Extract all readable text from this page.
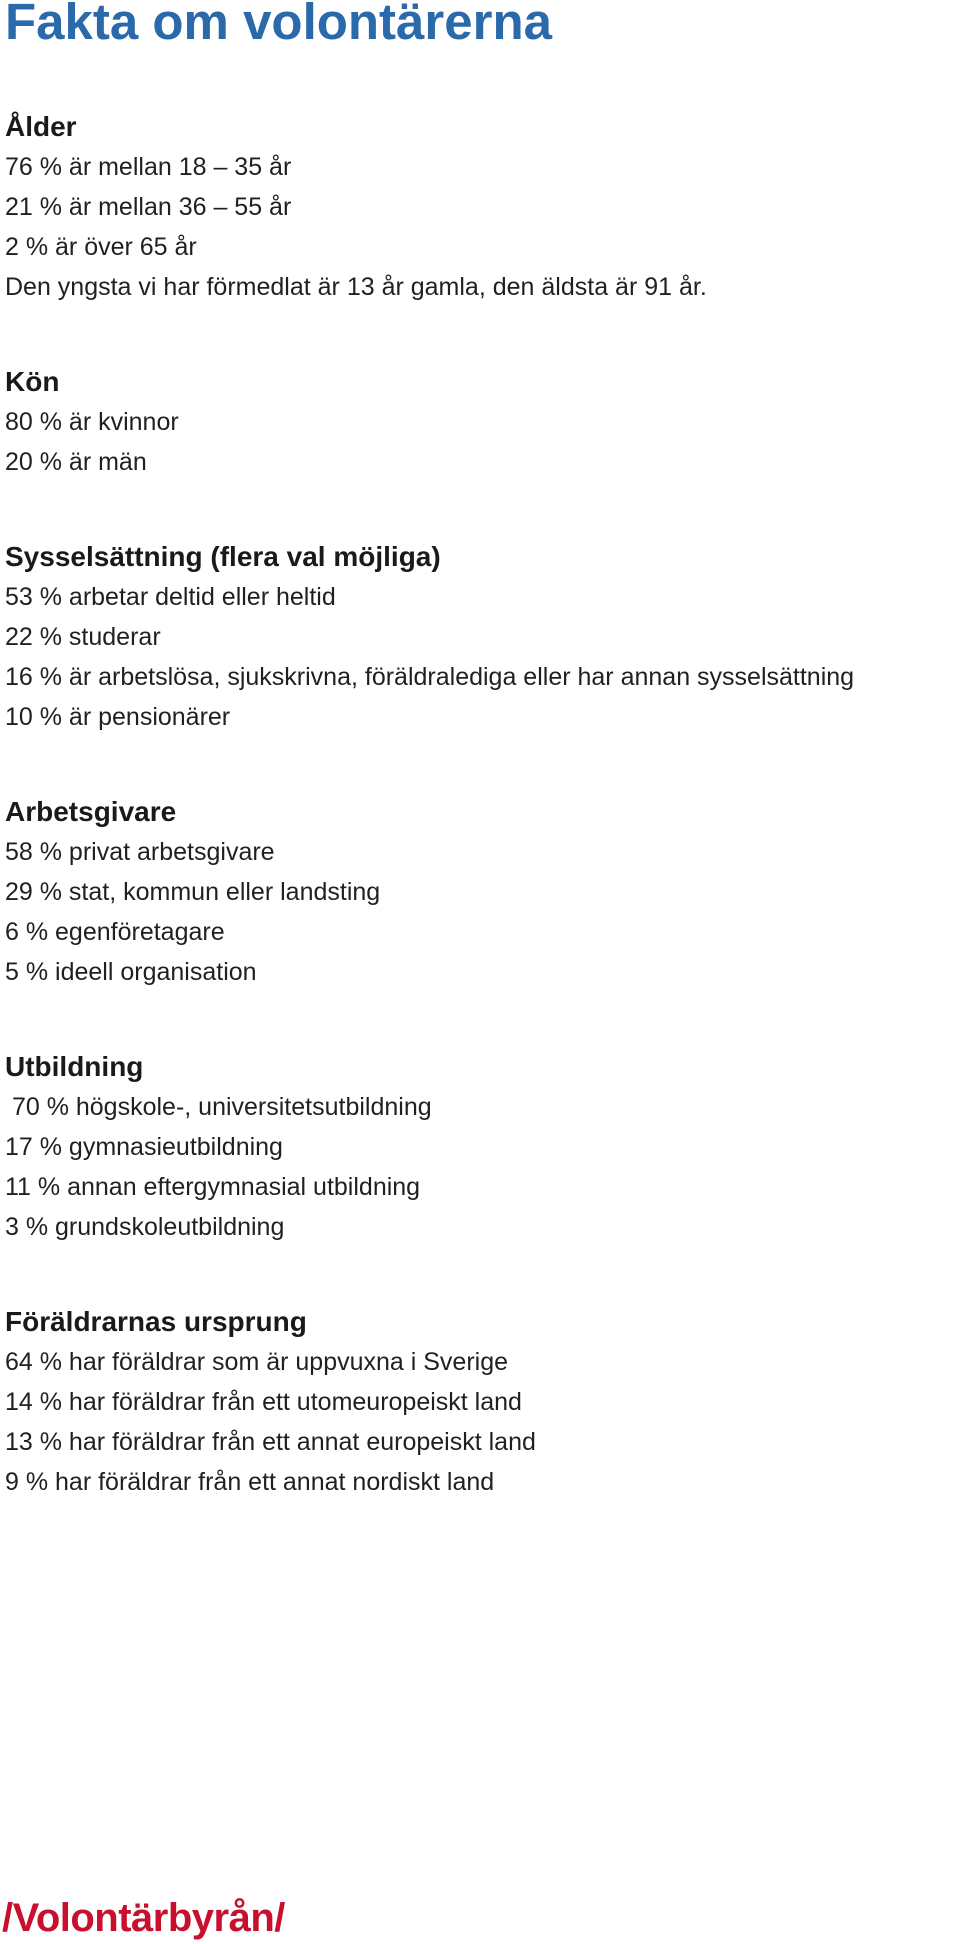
Fakta om volontärerna
Ålder

76 % är mellan 18 – 35 år

21 % är mellan 36 – 55 år

2 % är över 65 år

Den yngsta vi har förmedlat är 13 år gamla, den äldsta är 91 år.

Kön

80 % är kvinnor

20 % är män

Sysselsättning (flera val möjliga)

53 % arbetar deltid eller heltid

22 % studerar

16 % är arbetslösa, sjukskrivna, föräldralediga eller har annan sysselsättning

10 % är pensionärer

Arbetsgivare

58 % privat arbetsgivare

29 % stat, kommun eller landsting

6 % egenföretagare

5 % ideell organisation

Utbildning

70 % högskole-, universitetsutbildning

17 % gymnasieutbildning

11 % annan eftergymnasial utbildning

3 % grundskoleutbildning

Föräldrarnas ursprung

64 % har föräldrar som är uppvuxna i Sverige

14 % har föräldrar från ett utomeuropeiskt land

13 % har föräldrar från ett annat europeiskt land

9 % har föräldrar från ett annat nordiskt land

/Volontärbyrån/
